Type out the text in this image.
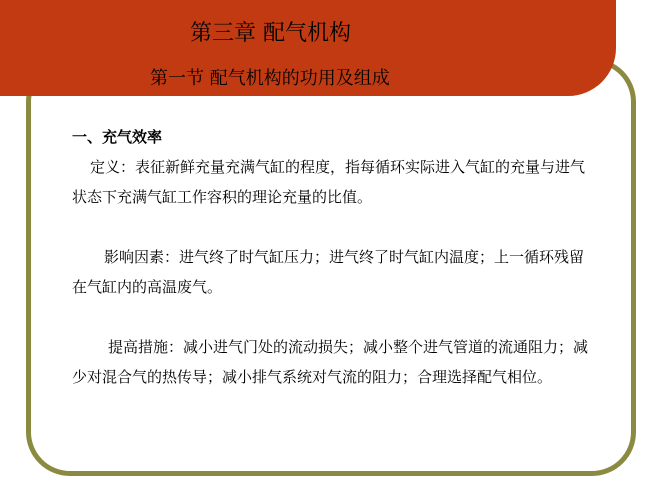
第三章 配气机构
第一节 配气机构的功用及组成
一、充气效率

定义：表征新鲜充量充满气缸的程度，指每循环实际进入气缸的充量与进气状态下充满气缸工作容积的理论充量的比值。

影响因素：进气终了时气缸压力；进气终了时气缸内温度；上一循环残留在气缸内的高温废气。

提高措施：减小进气门处的流动损失；减小整个进气管道的流通阻力；减少对混合气的热传导；减小排气系统对气流的阻力；合理选择配气相位。
